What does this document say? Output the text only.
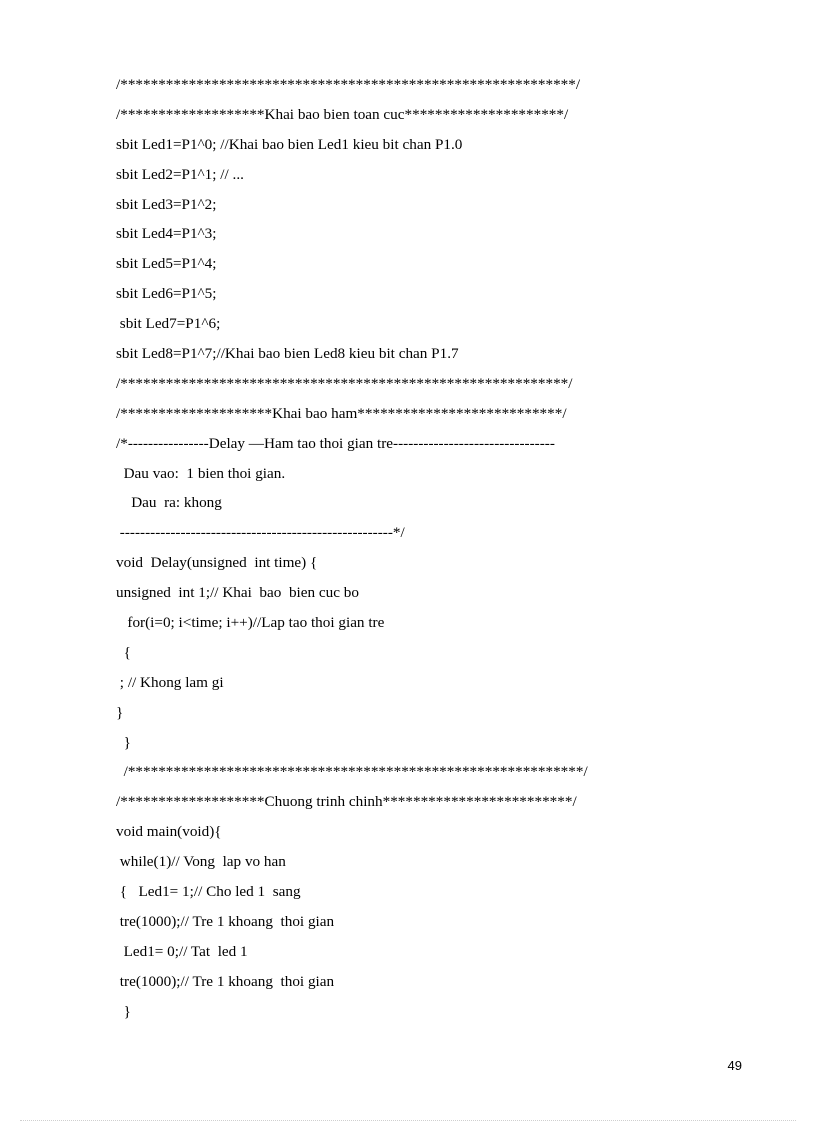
/************************************************************/
/*******************Khai bao bien toan cuc*********************/
sbit Led1=P1^0; //Khai bao bien Led1 kieu bit chan P1.0
sbit Led2=P1^1; // ...
sbit Led3=P1^2;
sbit Led4=P1^3;
sbit Led5=P1^4;
sbit Led6=P1^5;
sbit Led7=P1^6;
sbit Led8=P1^7;//Khai bao bien Led8 kieu bit chan P1.7
/***********************************************************/
/********************Khai bao ham***************************/
/*----------------Delay —Ham tao thoi gian tre--------------------------------
Dau vao:  1 bien thoi gian.
Dau  ra: khong
------------------------------------------------------*/
void  Delay(unsigned  int time) {
unsigned  int 1;// Khai  bao  bien cuc bo
for(i=0; i<time; i++)//Lap tao thoi gian tre
{
; // Khong lam gi
}
}
/************************************************************/
/*******************Chuong trinh chinh*************************/
void main(void){
while(1)// Vong  lap vo han
{   Led1= 1;// Cho led 1  sang
tre(1000);// Tre 1 khoang  thoi gian
Led1= 0;// Tat  led 1
tre(1000);// Tre 1 khoang  thoi gian
}
49
